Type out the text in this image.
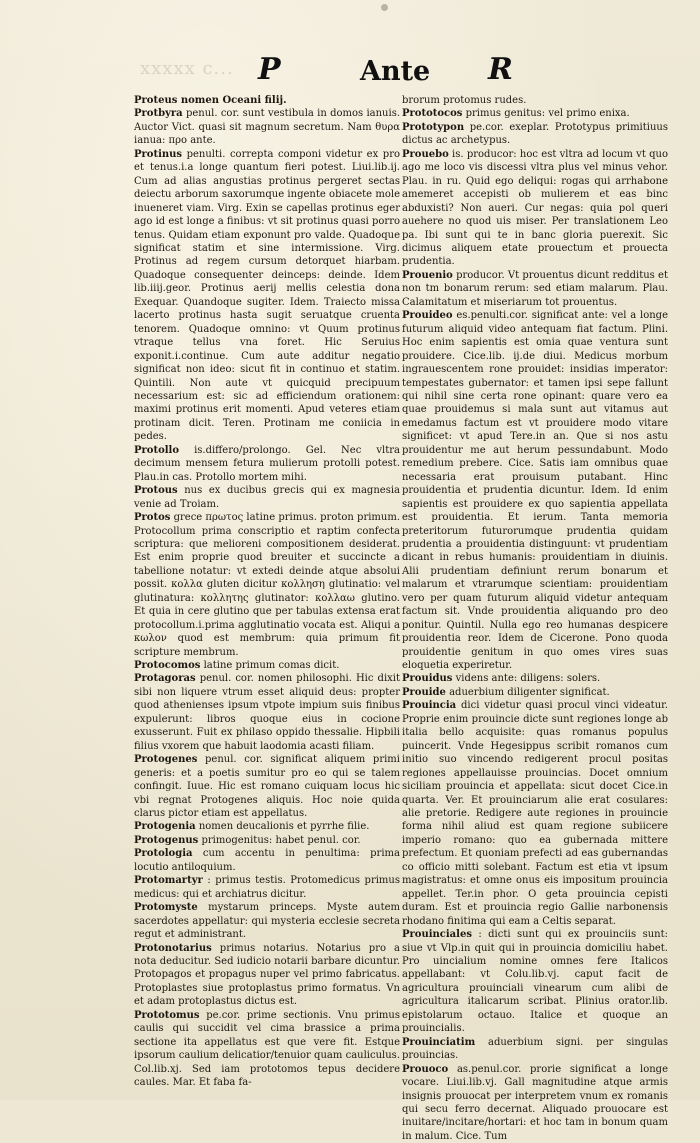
xxxxx c... P	Ante R

Proteus nomen Oceani filij.

Protbyra penul. cor. sunt vestibula in domos ianuis. Auctor Vict. quasi sit magnum secretum. Nam θυρα ianua: προ ante.

Protinus penulti. correpta componi videtur ex pro et tenus.i.a longe quantum fieri potest. Liui.lib.ij. Cum ad alias angustias protinus pergeret sectas deiectu arborum saxorumque ingente obiacete mole inueneret viam. Virg. Exin se capellas protinus eger ago id est longe a finibus: vt sit protinus quasi porro tenus. Quidam etiam exponunt pro valde. Quadoque significat statim et sine intermissione. Virg. Protinus ad regem cursum detorquet hiarbam. Quadoque consequenter deinceps: deinde. Idem lib.iiij.geor. Protinus aerij mellis celestia dona Exequar. Quandoque sugiter. Idem. Traiecto missa lacerto protinus hasta sugit seruatque cruenta tenorem. Quadoque omnino: vt Quum protinus vtraque tellus vna foret. Hic Seruius exponit.i.continue. Cum aute additur negatio significat non ideo: sicut fit in continuo et statim. Quintili. Non aute vt quicquid precipuum necessarium est: sic ad efficiendum orationem: maximi protinus erit momenti. Apud veteres etiam protinam dicit. Teren. Protinam me coniicia in pedes.

Protollo is.differo/prolongo. Gel. Nec vltra decimum mensem fetura mulierum protolli potest. Plau.in cas. Protollo mortem mihi.

Protous nus ex ducibus grecis qui ex magnesia venie ad Troiam.

Protos grece πρωτος latine primus. proton primum. Protocollum prima conscriptio et raptim confecta scriptura: que melioreni compositionem desiderat. Est enim proprie quod breuiter et succincte a tabellione notatur: vt extedi deinde atque absolui possit. κολλα gluten dicitur κολληση glutinatio: vel glutinatura: κολλητης glutinator: κολλαω glutino. Et quia in cere glutino que per tabulas extensa erat protocollum.i.prima agglutinatio vocata est. Aliqui a κωλον quod est membrum: quia primum fit scripture membrum.

Protocomos latine primum comas dicit.

Protagoras penul. cor. nomen philosophi. Hic dixit sibi non liquere vtrum esset aliquid deus: propter quod athenienses ipsum vtpote impium suis finibus expulerunt: libros quoque eius in cocione exusserunt. Fuit ex philaso oppido thessalie. Hipbili filius vxorem que habuit laodomia acasti filiam.

Protogenes penul. cor. significat aliquem primi generis: et a poetis sumitur pro eo qui se talem confingit. Iuue. Hic est romano cuiquam locus hic vbi regnat Protogenes aliquis. Hoc noie quida clarus pictor etiam est appellatus.

Protogenia nomen deucalionis et pyrrhe filie.

Protogenus primogenitus: habet penul. cor.

Protologia cum accentu in penultima: prima locutio antiloquium.

Protomartyr : primus testis. Protomedicus primus medicus: qui et archiatrus dicitur.

Protomyste mystarum princeps. Myste autem sacerdotes appellatur: qui mysteria ecclesie secreta regut et administrant.

Protonotarius primus notarius. Notarius pro a nota deducitur. Sed iudicio notarii barbare dicuntur. Protopagos et propagus nuper vel primo fabricatus. Protoplastes siue protoplastus primo formatus. Vn et adam protoplastus dictus est.

Prototomus pe.cor. prime sectionis. Vnu primus caulis qui succidit vel cima brassice a prima sectione ita appellatus est que vere fit. Estque ipsorum caulium delicatior/tenuior quam cauliculus. Col.lib.xj. Sed iam prototomos tepus decidere caules. Mar. Et faba fa-

brorum protomus rudes.

Prototocos primus genitus: vel primo enixa.

Prototypon pe.cor. exeplar. Prototypus primitiuus dictus ac archetypus.

Prouebo is. producor: hoc est vltra ad locum vt quo ago me loco vis discessi vltra plus vel minus vehor. Plau. in ru. Quid ego deliqui: rogas qui arrhabone amemeret accepisti ob mulierem et eas binc abduxisti? Non aueri. Cur negas: quia pol queri auehere no quod uis miser. Per translationem Leo pa. Ibi sunt qui te in banc gloria puerexit. Sic dicimus aliquem etate prouectum et prouecta prudentia.

Prouenio producor. Vt prouentus dicunt redditus et non tm bonarum rerum: sed etiam malarum. Plau. Calamitatum et miseriarum tot prouentus.

Prouideo es.penulti.cor. significat ante: vel a longe futurum aliquid video antequam fiat factum. Plini. Hoc enim sapientis est omia quae ventura sunt prouidere. Cice.lib. ij.de diui. Medicus morbum ingrauescentem rone prouidet: insidias imperator: tempestates gubernator: et tamen ipsi sepe fallunt qui nihil sine certa rone opinant: quare vero ea quae prouidemus si mala sunt aut vitamus aut emedamus factum est vt prouidere modo vitare significet: vt apud Tere.in an. Que si nos astu prouidentur me aut herum pessundabunt. Modo remedium prebere. Cice. Satis iam omnibus quae necessaria erat prouisum putabant. Hinc prouidentia et prudentia dicuntur. Idem. Id enim sapientis est prouidere ex quo sapientia appellata est prouidentia. Et ierum. Tanta memoria preteritorum futurorumque prudentia quidam prudentia a prouidentia distinguunt: vt prudentiam dicant in rebus humanis: prouidentiam in diuinis. Alii prudentiam definiunt rerum bonarum et malarum et vtrarumque scientiam: prouidentiam vero per quam futurum aliquid videtur antequam factum sit. Vnde prouidentia aliquando pro deo ponitur. Quintil. Nulla ego reo humanas despicere prouidentia reor. Idem de Cicerone. Pono quoda prouidentie genitum in quo omes vires suas eloquetia experiretur.

Prouidus videns ante: diligens: solers.

Prouide aduerbium diligenter significat.

Prouincia dici videtur quasi procul vinci videatur. Proprie enim prouincie dicte sunt regiones longe ab italia bello acquisite: quas romanus populus puincerit. Vnde Hegesippus scribit romanos cum initio suo vincendo redigerent procul positas regiones appellauisse prouincias. Docet omnium siciliam prouincia et appellata: sicut docet Cice.in quarta. Ver. Et prouinciarum alie erat cosulares: alie pretorie. Redigere aute regiones in prouincie forma nihil aliud est quam regione subiicere imperio romano: quo ea gubernada mittere prefectum. Et quoniam prefecti ad eas gubernandas co officio mitti solebant. Factum est etia vt ipsum magistratus: et omne onus eis impositum prouincia appellet. Ter.in phor. O geta prouincia cepisti duram. Est et prouincia regio Gallie narbonensis rhodano finitima qui eam a Celtis separat.

Prouinciales : dicti sunt qui ex prouinciis sunt: siue vt Vlp.in quit qui in prouincia domiciliu habet. Pro uincialium nomine omnes fere Italicos appellabant: vt Colu.lib.vj. caput facit de agricultura prouinciali vinearum cum alibi de agricultura italicarum scribat. Plinius orator.lib. epistolarum octauo. Italice et quoque an prouincialis.

Prouinciatim aduerbium signi. per singulas prouincias.

Prouoco as.penul.cor. prorie significat a longe vocare. Liui.lib.vj. Gall magnitudine atque armis insignis prouocat per interpretem vnum ex romanis qui secu ferro decernat. Aliquado prouocare est inuitare/incitare/hortari: et hoc tam in bonum quam in malum. Cice. Tum
